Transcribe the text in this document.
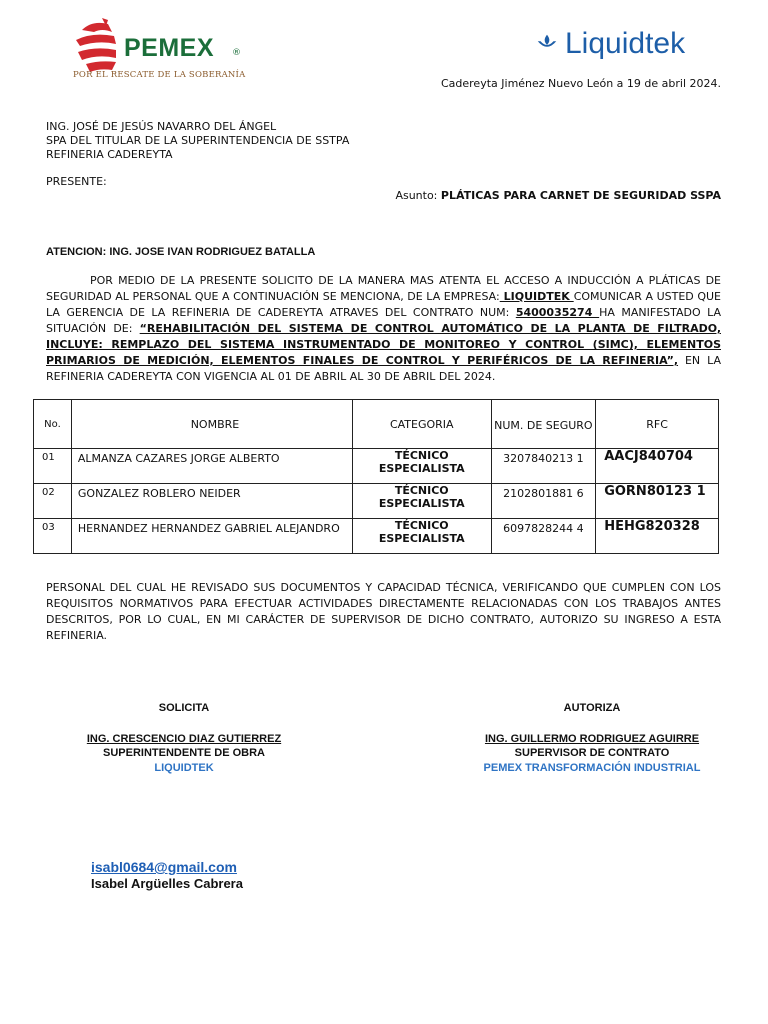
PEMEX ®
POR EL RESCATE DE LA SOBERANÍA
Liquidtek
Cadereyta Jiménez Nuevo León a 19 de abril 2024.
ING. JOSÉ DE JESÚS NAVARRO DEL ÁNGEL
SPA DEL TITULAR DE LA SUPERINTENDENCIA DE SSTPA
REFINERIA CADEREYTA
PRESENTE:
Asunto: PLÁTICAS PARA CARNET DE SEGURIDAD SSPA
ATENCION: ING. JOSE IVAN RODRIGUEZ BATALLA
POR MEDIO DE LA PRESENTE SOLICITO DE LA MANERA MAS ATENTA EL ACCESO A INDUCCIÓN A PLÁTICAS DE SEGURIDAD AL PERSONAL QUE A CONTINUACIÓN SE MENCIONA, DE LA EMPRESA: LIQUIDTEK COMUNICAR A USTED QUE LA GERENCIA DE LA REFINERIA DE CADEREYTA ATRAVES DEL CONTRATO NUM: 5400035274 HA MANIFESTADO LA SITUACIÓN DE: “REHABILITACIÓN DEL SISTEMA DE CONTROL AUTOMÁTICO DE LA PLANTA DE FILTRADO, INCLUYE: REMPLAZO DEL SISTEMA INSTRUMENTADO DE MONITOREO Y CONTROL (SIMC), ELEMENTOS PRIMARIOS DE MEDICIÓN, ELEMENTOS FINALES DE CONTROL Y PERIFÉRICOS DE LA REFINERIA”, EN LA REFINERIA CADEREYTA CON VIGENCIA AL 01 DE ABRIL AL 30 DE ABRIL DEL 2024.
No.	NOMBRE	CATEGORIA	NUM. DE SEGURO	RFC

01	ALMANZA CAZARES JORGE ALBERTO	TÉCNICO ESPECIALISTA	3207840213 1	AACJ840704

02	GONZALEZ ROBLERO NEIDER	TÉCNICO ESPECIALISTA	2102801881 6	GORN80123 1

03	HERNANDEZ HERNANDEZ GABRIEL ALEJANDRO	TÉCNICO ESPECIALISTA	6097828244 4	HEHG820328
PERSONAL DEL CUAL HE REVISADO SUS DOCUMENTOS Y CAPACIDAD TÉCNICA, VERIFICANDO QUE CUMPLEN CON LOS REQUISITOS NORMATIVOS PARA EFECTUAR ACTIVIDADES DIRECTAMENTE RELACIONADAS CON LOS TRABAJOS ANTES DESCRITOS, POR LO CUAL, EN MI CARÁCTER DE SUPERVISOR DE DICHO CONTRATO, AUTORIZO SU INGRESO A ESTA REFINERIA.
SOLICITA
ING. CRESCENCIO DIAZ GUTIERREZ
SUPERINTENDENTE DE OBRA
LIQUIDTEK
AUTORIZA
ING. GUILLERMO RODRIGUEZ AGUIRRE
SUPERVISOR DE CONTRATO
PEMEX TRANSFORMACIÓN INDUSTRIAL
isabl0684@gmail.com
Isabel Argüelles Cabrera
